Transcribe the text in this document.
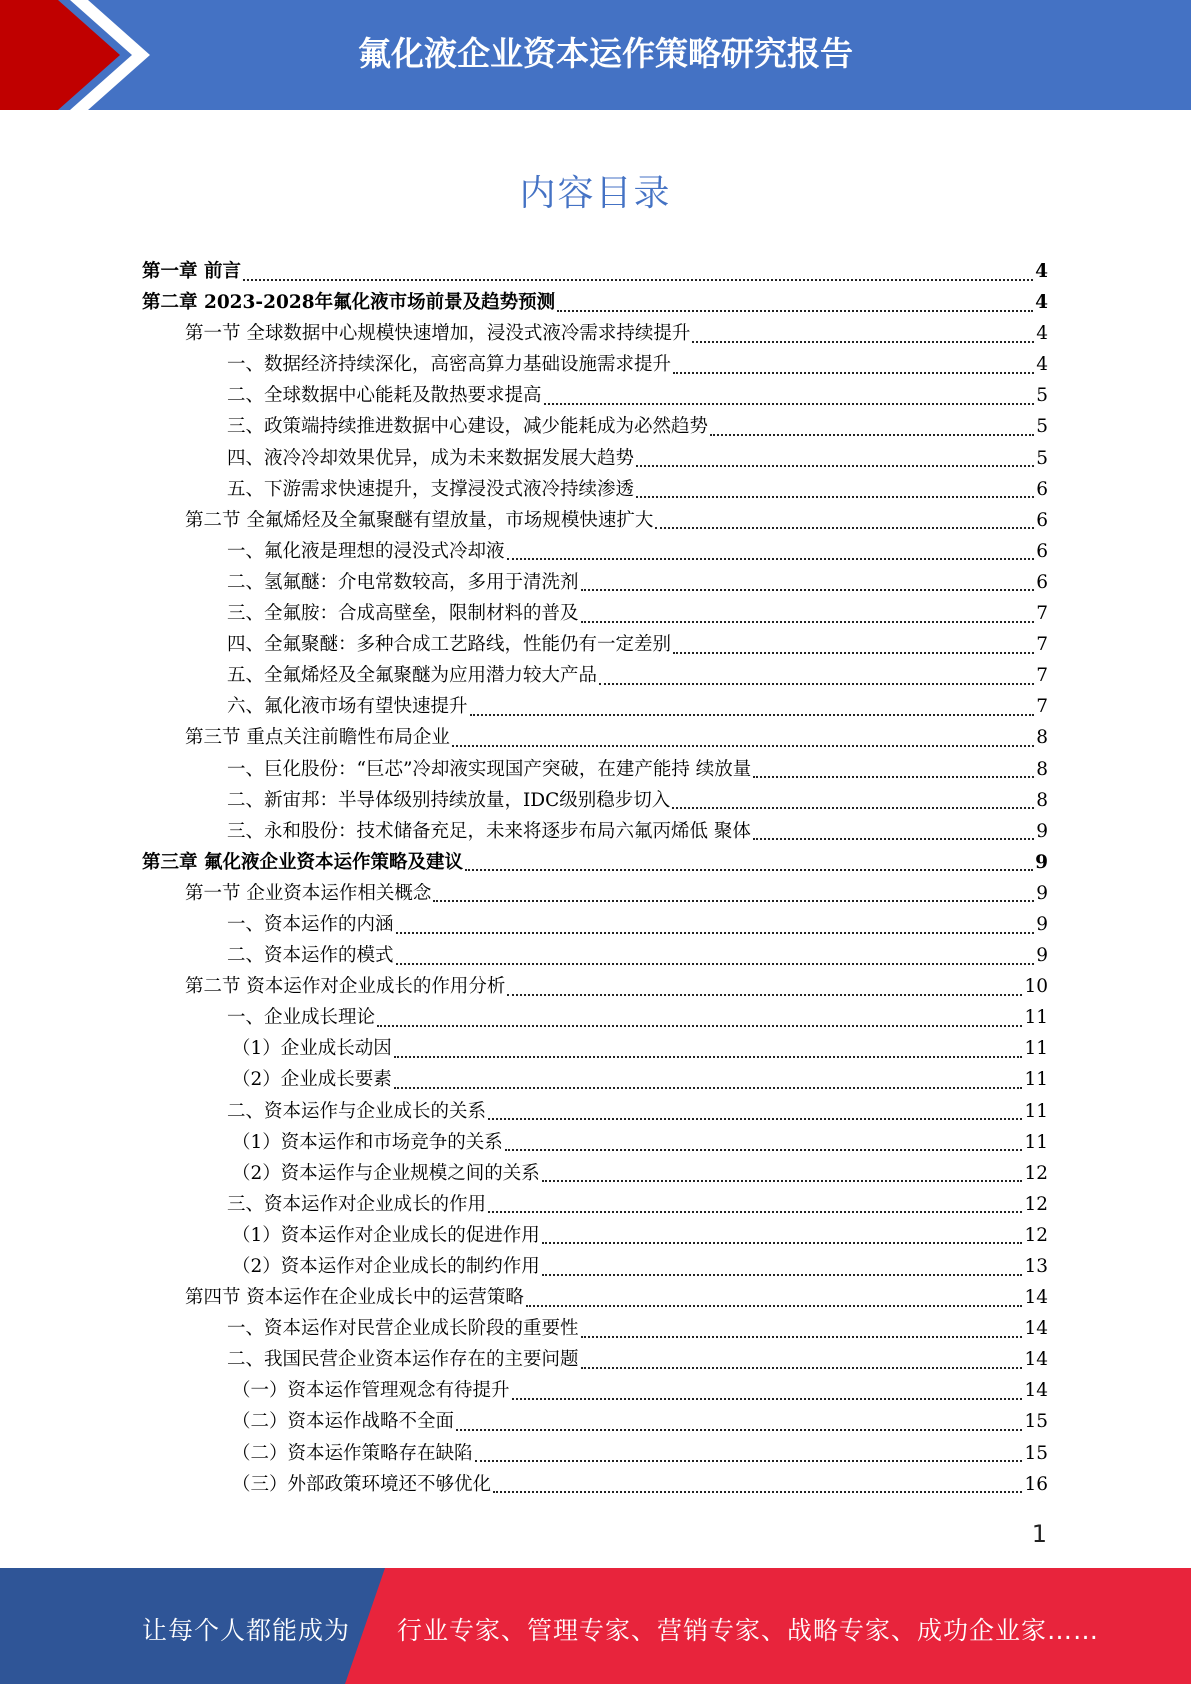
氟化液企业资本运作策略研究报告
内容目录
第一章 前言	4
第二章 2023-2028年氟化液市场前景及趋势预测	4
第一节 全球数据中心规模快速增加，浸没式液冷需求持续提升	4
一、数据经济持续深化，高密高算力基础设施需求提升	4
二、全球数据中心能耗及散热要求提高	5
三、政策端持续推进数据中心建设，减少能耗成为必然趋势	5
四、液冷冷却效果优异，成为未来数据发展大趋势	5
五、下游需求快速提升，支撑浸没式液冷持续渗透	6
第二节 全氟烯烃及全氟聚醚有望放量，市场规模快速扩大	6
一、氟化液是理想的浸没式冷却液	6
二、氢氟醚：介电常数较高，多用于清洗剂	6
三、全氟胺：合成高壁垒，限制材料的普及	7
四、全氟聚醚：多种合成工艺路线，性能仍有一定差别	7
五、全氟烯烃及全氟聚醚为应用潜力较大产品	7
六、氟化液市场有望快速提升	7
第三节 重点关注前瞻性布局企业	8
一、巨化股份：“巨芯”冷却液实现国产突破，在建产能持 续放量	8
二、新宙邦：半导体级别持续放量，IDC级别稳步切入	8
三、永和股份：技术储备充足，未来将逐步布局六氟丙烯低 聚体	9
第三章 氟化液企业资本运作策略及建议	9
第一节 企业资本运作相关概念	9
一、资本运作的内涵	9
二、资本运作的模式	9
第二节 资本运作对企业成长的作用分析	10
一、企业成长理论	11
（1）企业成长动因	11
（2）企业成长要素	11
二、资本运作与企业成长的关系	11
（1）资本运作和市场竞争的关系	11
（2）资本运作与企业规模之间的关系	12
三、资本运作对企业成长的作用	12
（1）资本运作对企业成长的促进作用	12
（2）资本运作对企业成长的制约作用	13
第四节 资本运作在企业成长中的运营策略	14
一、资本运作对民营企业成长阶段的重要性	14
二、我国民营企业资本运作存在的主要问题	14
（一）资本运作管理观念有待提升	14
（二）资本运作战略不全面	15
（二）资本运作策略存在缺陷	15
（三）外部政策环境还不够优化	16
1
让每个人都能成为 行业专家、管理专家、营销专家、战略专家、成功企业家……
